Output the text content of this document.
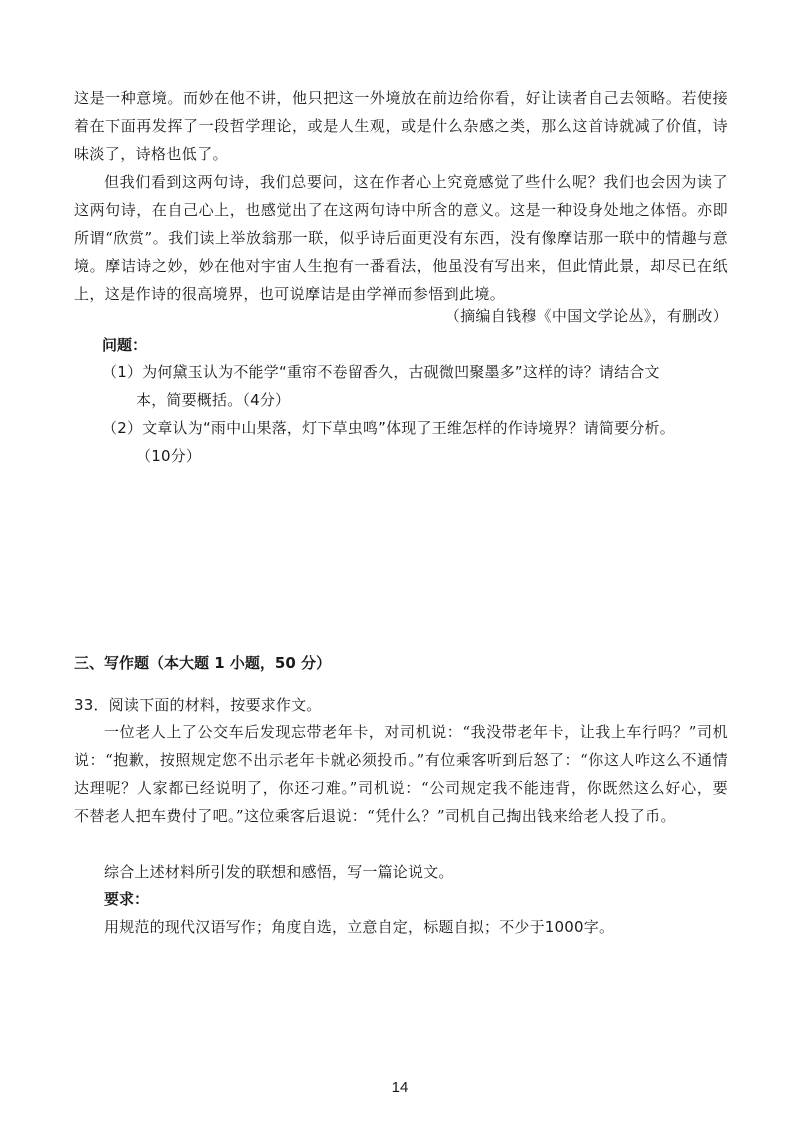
这是一种意境。而妙在他不讲，他只把这一外境放在前边给你看，好让读者自己去领略。若使接着在下面再发挥了一段哲学理论，或是人生观，或是什么杂感之类，那么这首诗就减了价值，诗味淡了，诗格也低了。

但我们看到这两句诗，我们总要问，这在作者心上究竟感觉了些什么呢？我们也会因为读了这两句诗，在自己心上，也感觉出了在这两句诗中所含的意义。这是一种设身处地之体悟。亦即所谓“欣赏”。我们读上举放翁那一联，似乎诗后面更没有东西，没有像摩诘那一联中的情趣与意境。摩诘诗之妙，妙在他对宇宙人生抱有一番看法，他虽没有写出来，但此情此景，却尽已在纸上，这是作诗的很高境界，也可说摩诘是由学禅而参悟到此境。

（摘编自钱穆《中国文学论丛》，有删改）
问题：
（1）为何黛玉认为不能学“重帘不卷留香久，古砚微凹聚墨多”这样的诗？请结合文
本，简要概括。（4分）
（2）文章认为“雨中山果落，灯下草虫鸣”体现了王维怎样的作诗境界？请简要分析。
（10分）
三、写作题（本大题 1 小题，50 分）
33．阅读下面的材料，按要求作文。

一位老人上了公交车后发现忘带老年卡，对司机说：“我没带老年卡，让我上车行吗？”司机说：“抱歉，按照规定您不出示老年卡就必须投币。”有位乘客听到后怒了：“你这人咋这么不通情达理呢？人家都已经说明了，你还刁难。”司机说：“公司规定我不能违背，你既然这么好心，要不替老人把车费付了吧。”这位乘客后退说：“凭什么？”司机自己掏出钱来给老人投了币。

综合上述材料所引发的联想和感悟，写一篇论说文。
要求：
用规范的现代汉语写作；角度自选，立意自定，标题自拟；不少于1000字。
14
